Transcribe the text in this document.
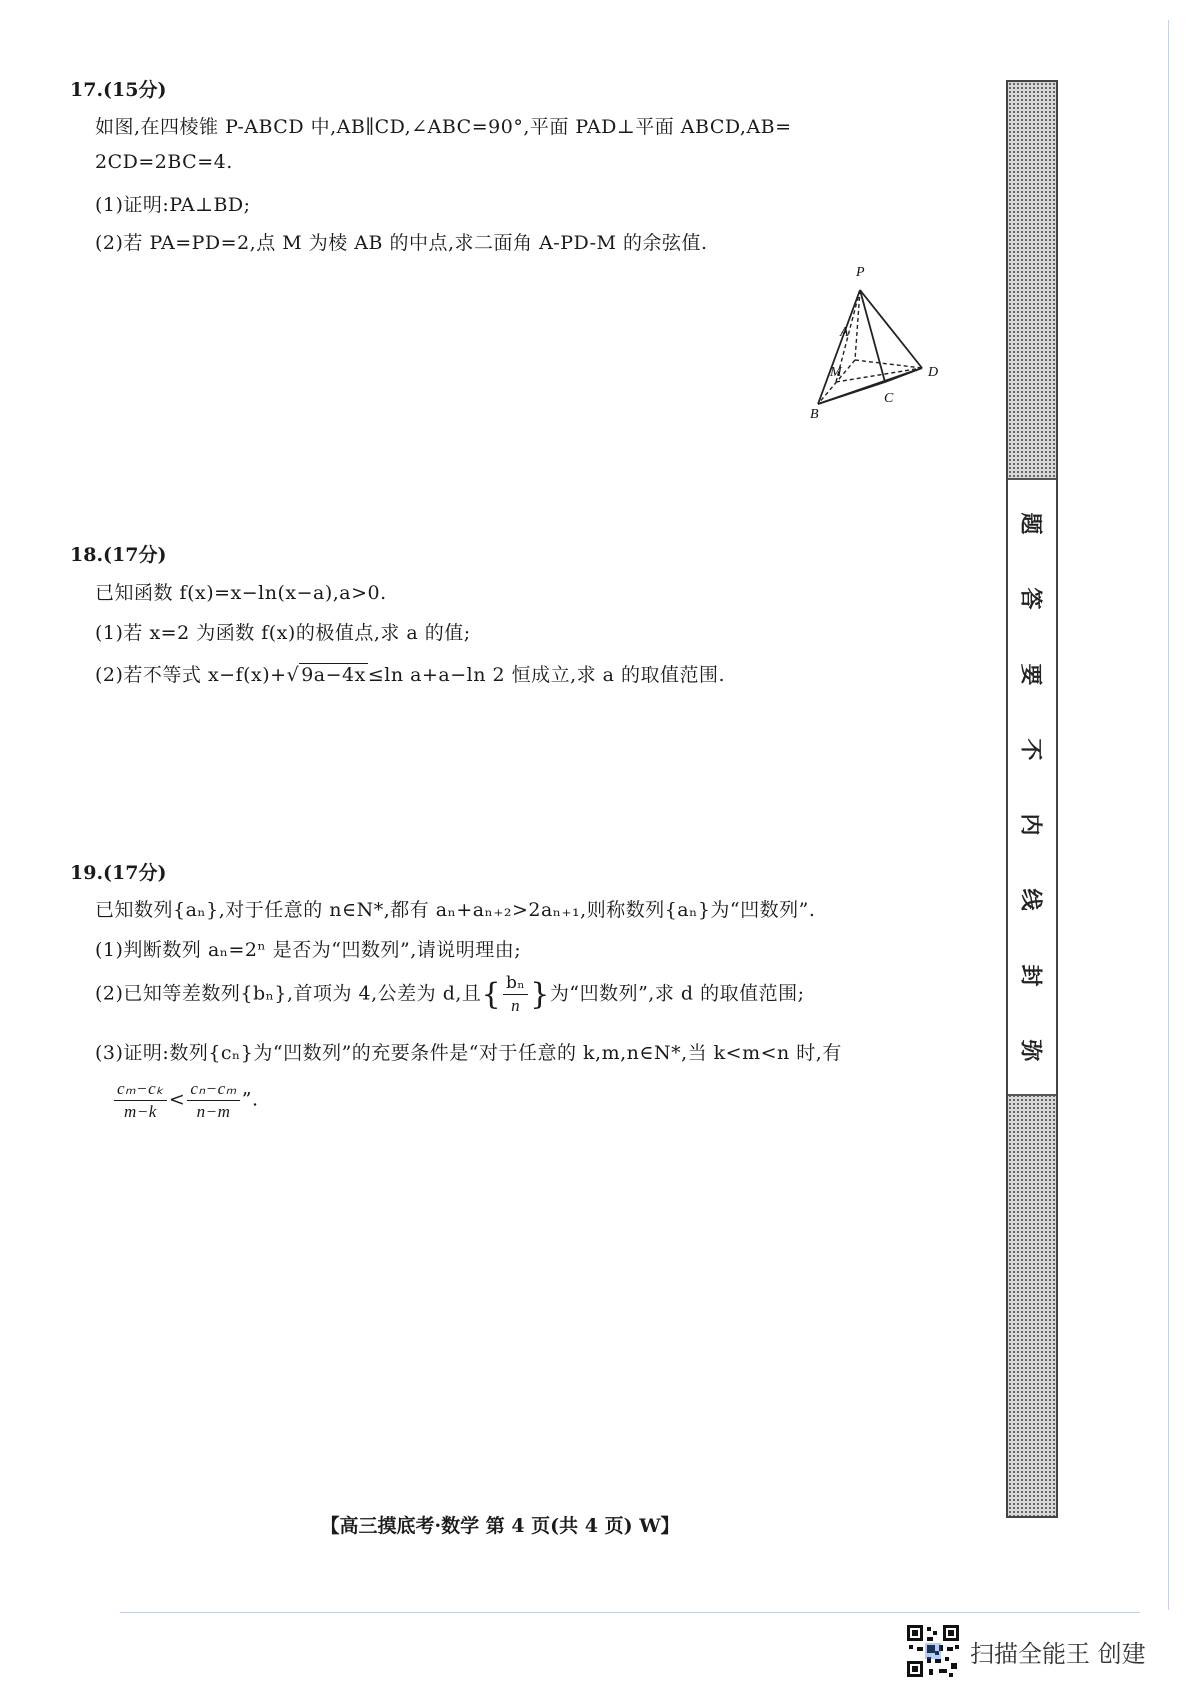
17.(15分)
如图,在四棱锥 P-ABCD 中,AB∥CD,∠ABC=90°,平面 PAD⊥平面 ABCD,AB=
2CD=2BC=4.
(1)证明:PA⊥BD;
(2)若 PA=PD=2,点 M 为棱 AB 的中点,求二面角 A-PD-M 的余弦值.
P
A
M	D
B
C
18.(17分)
已知函数 f(x)=x−ln(x−a),a>0.
(1)若 x=2 为函数 f(x)的极值点,求 a 的值;
(2)若不等式 x−f(x)+√ 9a−4x ≤ln a+a−ln 2 恒成立,求 a 的取值范围.
19.(17分)
已知数列{aₙ},对于任意的 n∈N*,都有 aₙ+aₙ₊₂>2aₙ₊₁,则称数列{aₙ}为“凹数列”.
(1)判断数列 aₙ=2ⁿ 是否为“凹数列”,请说明理由;
(2)已知等差数列{bₙ},首项为 4,公差为 d,且{ $\frac{\text{bₙ}}{n}$ }为“凹数列”,求 d 的取值范围;
(3)证明:数列{cₙ}为“凹数列”的充要条件是“对于任意的 k,m,n∈N*,当 k<m<n 时,有
$\frac{\text{cₘ−cₖ}}{m-k} < \frac{\text{cₙ−cₘ}}{n-m}$ ”.
题
答
要
不
内
线
封
弥
【高三摸底考·数学 第 4 页(共 4 页) W】
扫描全能王 创建
